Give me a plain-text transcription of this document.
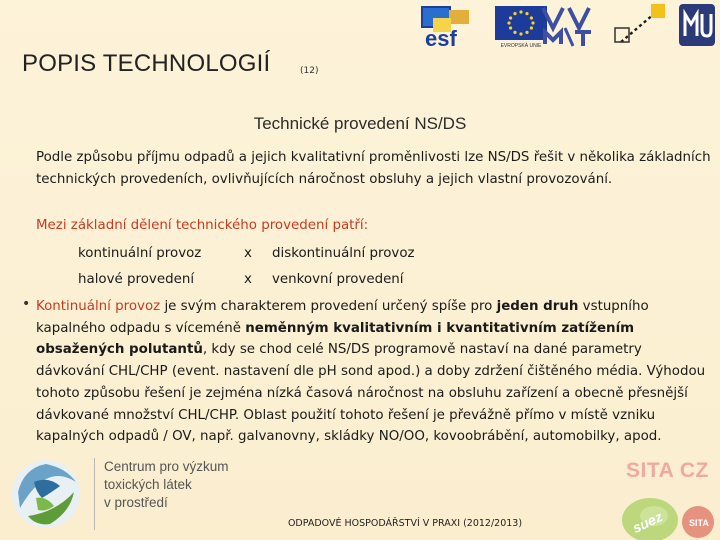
esf	EVROPSKÁ UNIE
POPIS TECHNOLOGIÍ	(12)
Technické provedení NS/DS
Podle způsobu příjmu odpadů a jejich kvalitativní proměnlivosti lze NS/DS řešit v několika základních technických provedeních, ovlivňujících náročnost obsluhy a jejich vlastní provozování.
Mezi základní dělení technického provedení patří:
kontinuální provoz	x diskontinuální provoz
halové provedení	x venkovní provedení
• Kontinuální provoz je svým charakterem provedení určený spíše pro jeden druh vstupního kapalného odpadu s víceméně neměnným kvalitativním i kvantitativním zatížením obsažených polutantů, kdy se chod celé NS/DS programově nastaví na dané parametry dávkování CHL/CHP (event. nastavení dle pH sond apod.) a doby zdržení čištěného média. Výhodou tohoto způsobu řešení je zejména nízká časová náročnost na obsluhu zařízení a obecně přesnější dávkované množství CHL/CHP. Oblast použití tohoto řešení je převážně přímo v místě vzniku kapalných odpadů / OV, např. galvanovny, skládky NO/OO, kovoobrábění, automobilky, apod.
Centrum pro výzkum
toxických látek
v prostředí
ODPADOVÉ HOSPODÁŘSTVÍ V PRAXI (2012/2013)
SITA CZ
suez	SITA
